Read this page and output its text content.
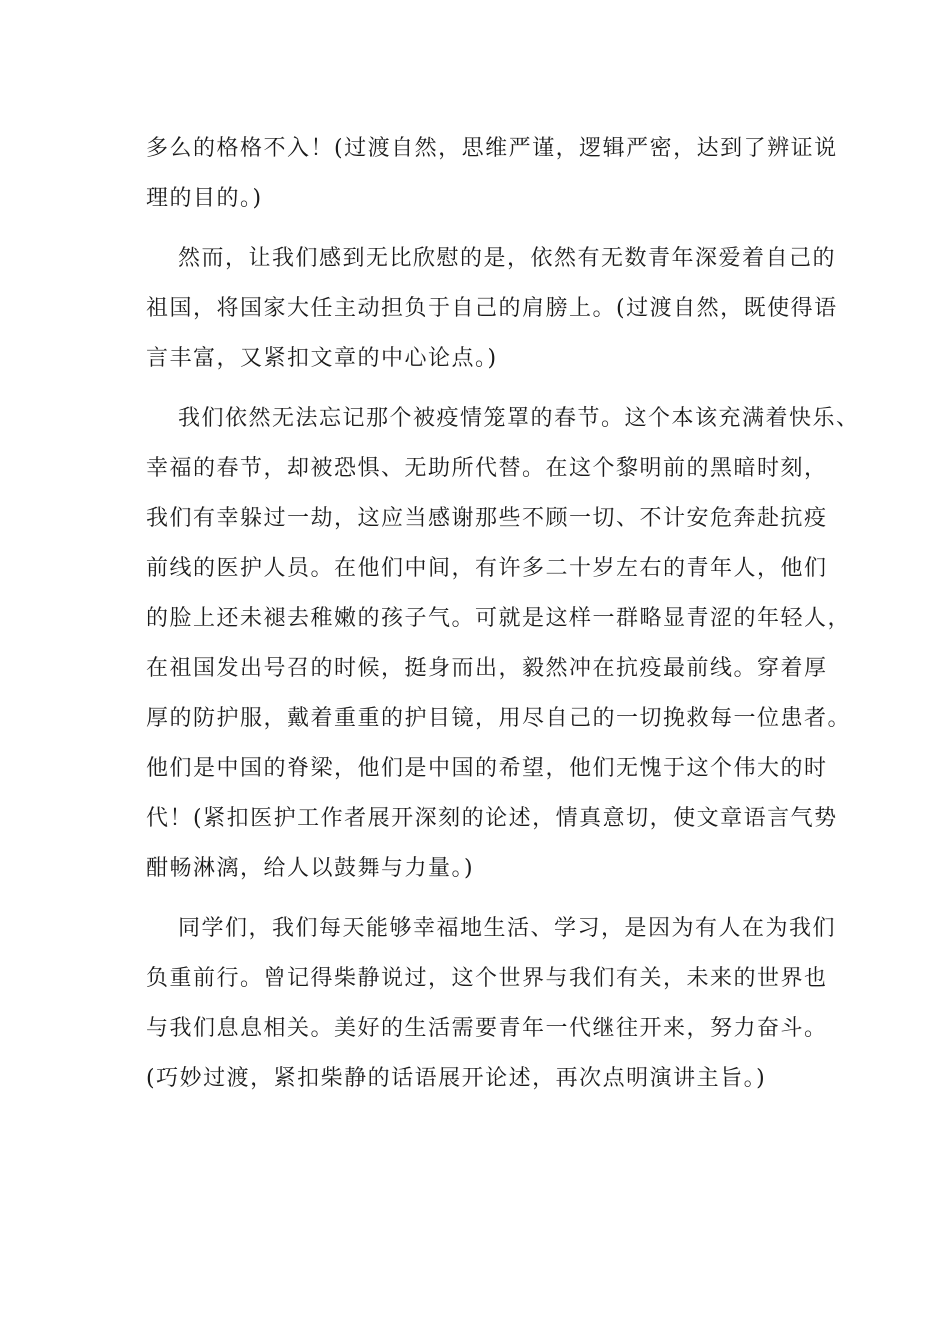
多么的格格不入！(过渡自然，思维严谨，逻辑严密，达到了辨证说

理的目的。)

然而，让我们感到无比欣慰的是，依然有无数青年深爱着自己的

祖国，将国家大任主动担负于自己的肩膀上。(过渡自然，既使得语

言丰富，又紧扣文章的中心论点。)

我们依然无法忘记那个被疫情笼罩的春节。这个本该充满着快乐、

幸福的春节，却被恐惧、无助所代替。在这个黎明前的黑暗时刻，

我们有幸躲过一劫，这应当感谢那些不顾一切、不计安危奔赴抗疫

前线的医护人员。在他们中间，有许多二十岁左右的青年人，他们

的脸上还未褪去稚嫩的孩子气。可就是这样一群略显青涩的年轻人，

在祖国发出号召的时候，挺身而出，毅然冲在抗疫最前线。穿着厚

厚的防护服，戴着重重的护目镜，用尽自己的一切挽救每一位患者。

他们是中国的脊梁，他们是中国的希望，他们无愧于这个伟大的时

代！(紧扣医护工作者展开深刻的论述，情真意切，使文章语言气势

酣畅淋漓，给人以鼓舞与力量。)

同学们，我们每天能够幸福地生活、学习，是因为有人在为我们

负重前行。曾记得柴静说过，这个世界与我们有关，未来的世界也

与我们息息相关。美好的生活需要青年一代继往开来，努力奋斗。

(巧妙过渡，紧扣柴静的话语展开论述，再次点明演讲主旨。)
